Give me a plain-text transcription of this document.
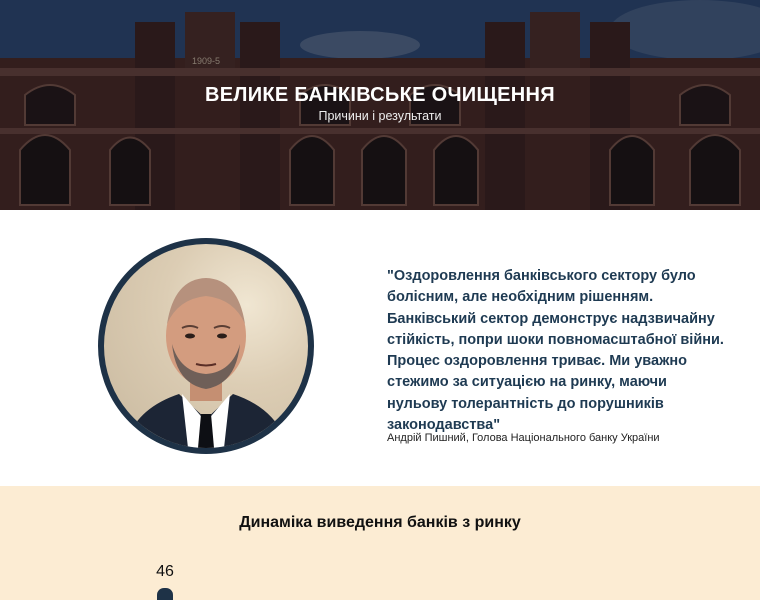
1909-5
ВЕЛИКЕ БАНКІВСЬКЕ ОЧИЩЕННЯ
Причини і результати

"Оздоровлення банківського сектору було болісним, але необхідним рішенням. Банківський сектор демонструє надзвичайну стійкість, попри шоки повномасштабної війни. Процес оздоровлення триває. Ми уважно стежимо за ситуацією на ринку, маючи нульову толерантність до порушників законодавства"

Андрій Пишний, Голова Національного банку України

Динаміка виведення банків з ринку
46
